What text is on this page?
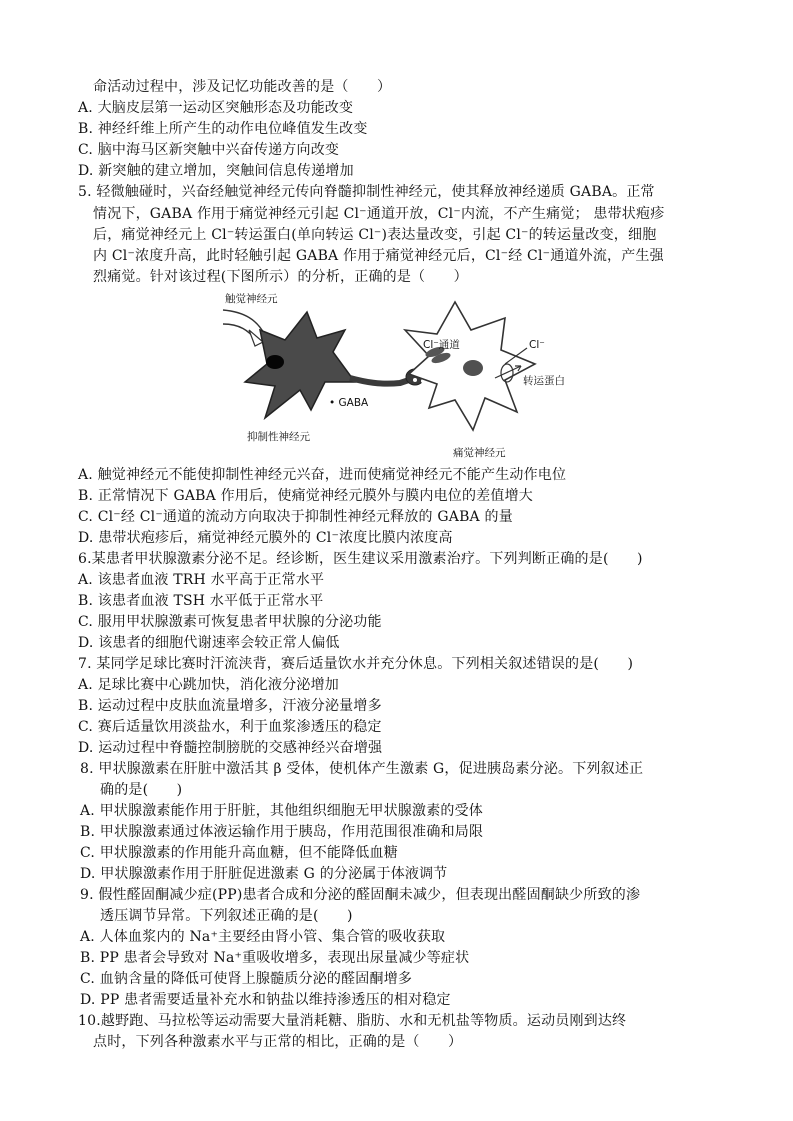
命活动过程中，涉及记忆功能改善的是（　　）
A. 大脑皮层第一运动区突触形态及功能改变
B. 神经纤维上所产生的动作电位峰值发生改变
C. 脑中海马区新突触中兴奋传递方向改变
D. 新突触的建立增加，突触间信息传递增加
5. 轻微触碰时，兴奋经触觉神经元传向脊髓抑制性神经元，使其释放神经递质 GABA。正常
情况下，GABA 作用于痛觉神经元引起 Cl⁻通道开放，Cl⁻内流，不产生痛觉； 患带状疱疹
后，痛觉神经元上 Cl⁻转运蛋白(单向转运 Cl⁻)表达量改变，引起 Cl⁻的转运量改变，细胞
内 Cl⁻浓度升高，此时轻触引起 GABA 作用于痛觉神经元后，Cl⁻经 Cl⁻通道外流，产生强
烈痛觉。针对该过程(下图所示）的分析，正确的是（　　）
触觉神经元
• GABA
抑制性神经元
Cl⁻通道	Cl⁻
转运蛋白
痛觉神经元
A. 触觉神经元不能使抑制性神经元兴奋，进而使痛觉神经元不能产生动作电位
B. 正常情况下 GABA 作用后，使痛觉神经元膜外与膜内电位的差值增大
C. Cl⁻经 Cl⁻通道的流动方向取决于抑制性神经元释放的 GABA 的量
D. 患带状疱疹后，痛觉神经元膜外的 Cl⁻浓度比膜内浓度高
6.某患者甲状腺激素分泌不足。经诊断，医生建议采用激素治疗。下列判断正确的是(　　)
A. 该患者血液 TRH 水平高于正常水平
B. 该患者血液 TSH 水平低于正常水平
C. 服用甲状腺激素可恢复患者甲状腺的分泌功能
D. 该患者的细胞代谢速率会较正常人偏低
7. 某同学足球比赛时汗流浃背，赛后适量饮水并充分休息。下列相关叙述错误的是(　　)
A. 足球比赛中心跳加快，消化液分泌增加
B. 运动过程中皮肤血流量增多，汗液分泌量增多
C. 赛后适量饮用淡盐水，利于血浆渗透压的稳定
D. 运动过程中脊髓控制膀胱的交感神经兴奋增强
8. 甲状腺激素在肝脏中激活其 β 受体，使机体产生激素 G，促进胰岛素分泌。下列叙述正
确的是(　　)
A. 甲状腺激素能作用于肝脏，其他组织细胞无甲状腺激素的受体
B. 甲状腺激素通过体液运输作用于胰岛，作用范围很准确和局限
C. 甲状腺激素的作用能升高血糖，但不能降低血糖
D. 甲状腺激素作用于肝脏促进激素 G 的分泌属于体液调节
9. 假性醛固酮减少症(PP)患者合成和分泌的醛固酮未减少，但表现出醛固酮缺少所致的渗
透压调节异常。下列叙述正确的是(　　)
A. 人体血浆内的 Na⁺主要经由肾小管、集合管的吸收获取
B. PP 患者会导致对 Na⁺重吸收增多，表现出尿量减少等症状
C. 血钠含量的降低可使肾上腺髓质分泌的醛固酮增多
D. PP 患者需要适量补充水和钠盐以维持渗透压的相对稳定
10.越野跑、马拉松等运动需要大量消耗糖、脂肪、水和无机盐等物质。运动员刚到达终
点时，下列各种激素水平与正常的相比，正确的是（　　）
